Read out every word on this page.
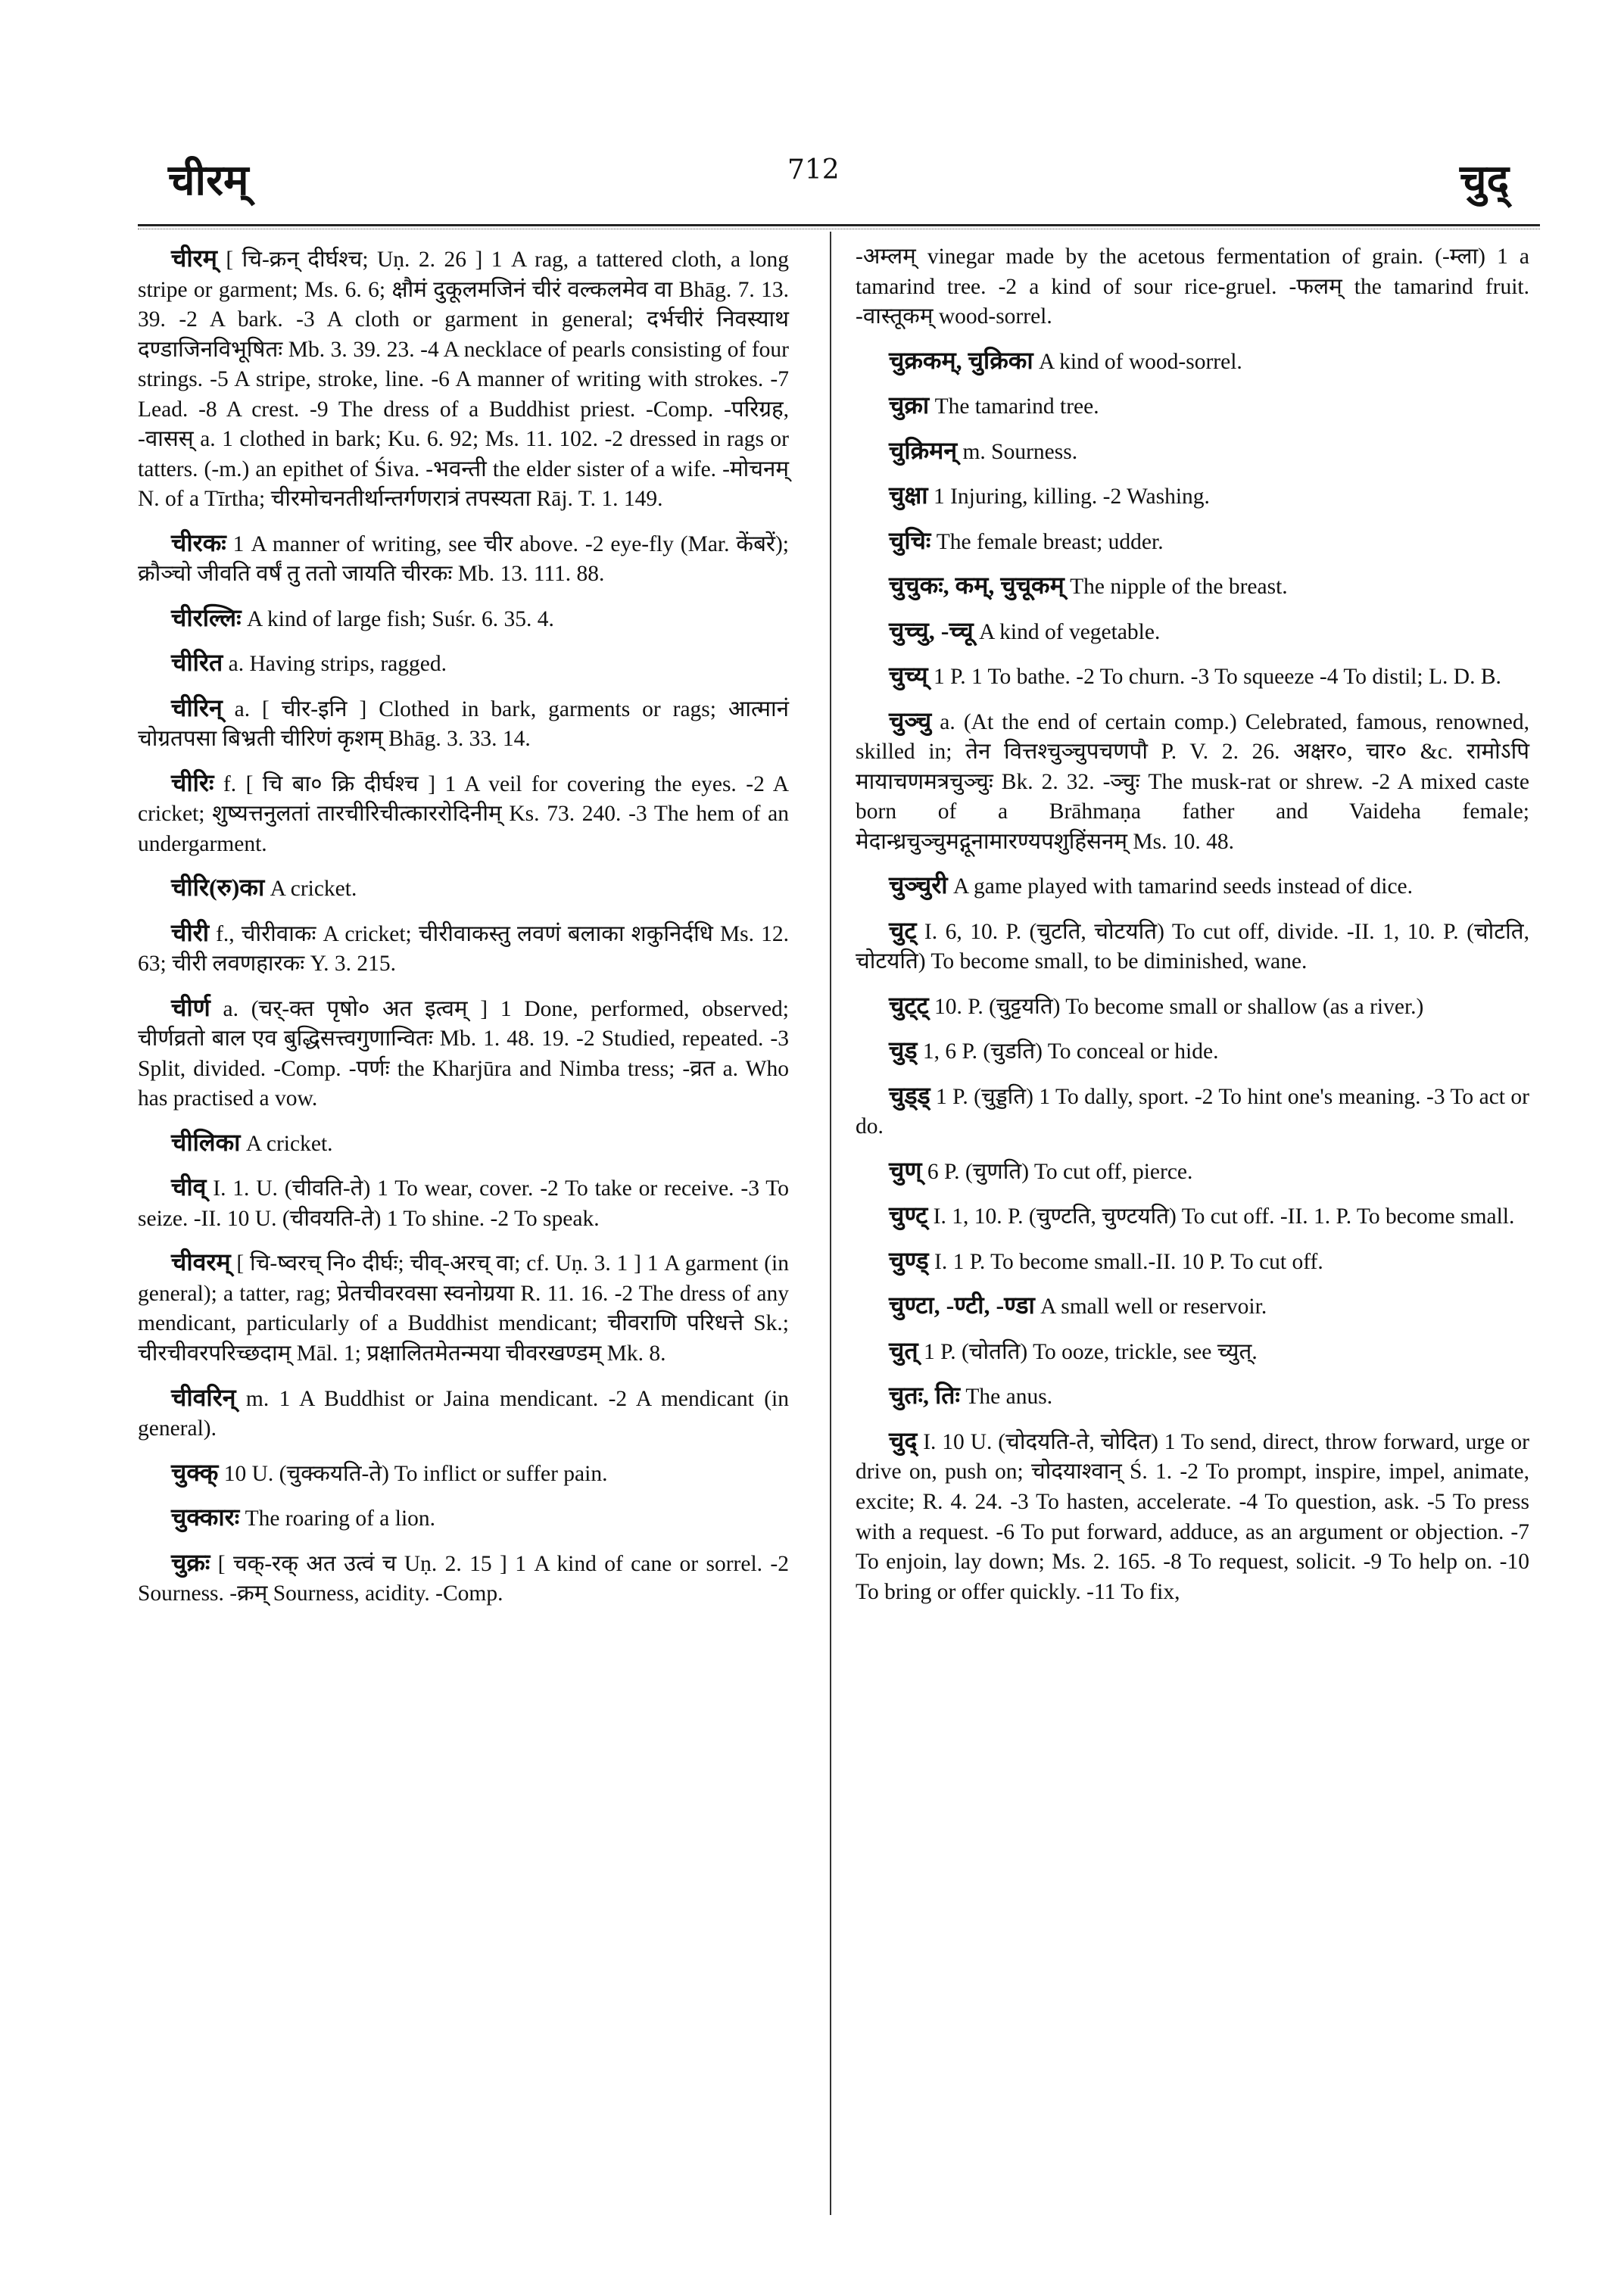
चीरम्	712	चुद्

चीरम् [ चि-क्रन् दीर्घश्च; Uṇ. 2. 26 ] 1 A rag, a tattered cloth, a long stripe or garment; Ms. 6. 6; क्षौमं दुकूलमजिनं चीरं वल्कलमेव वा Bhāg. 7. 13. 39. -2 A bark. -3 A cloth or garment in general; दर्भचीरं निवस्याथ दण्डाजिनविभूषितः Mb. 3. 39. 23. -4 A necklace of pearls consisting of four strings. -5 A stripe, stroke, line. -6 A manner of writing with strokes. -7 Lead. -8 A crest. -9 The dress of a Buddhist priest. -Comp. -परिग्रह, -वासस् a. 1 clothed in bark; Ku. 6. 92; Ms. 11. 102. -2 dressed in rags or tatters. (-m.) an epithet of Śiva. -भवन्ती the elder sister of a wife. -मोचनम् N. of a Tīrtha; चीरमोचनतीर्थान्तर्गणरात्रं तपस्यता Rāj. T. 1. 149.

चीरकः 1 A manner of writing, see चीर above. -2 eye-fly (Mar. केंबरें); क्रौञ्चो जीवति वर्षं तु ततो जायति चीरकः Mb. 13. 111. 88.

चीरल्लिः A kind of large fish; Suśr. 6. 35. 4.

चीरित a. Having strips, ragged.

चीरिन् a. [ चीर-इनि ] Clothed in bark, garments or rags; आत्मानं चोग्रतपसा बिभ्रती चीरिणं कृशम् Bhāg. 3. 33. 14.

चीरिः f. [ चि बा० क्रि दीर्घश्च ] 1 A veil for covering the eyes. -2 A cricket; शुष्यत्तनुलतां तारचीरिचीत्काररोदिनीम् Ks. 73. 240. -3 The hem of an undergarment.

चीरि(रु)का A cricket.

चीरी f., चीरीवाकः A cricket; चीरीवाकस्तु लवणं बलाका शकुनिर्दधि Ms. 12. 63; चीरी लवणहारकः Y. 3. 215.

चीर्ण a. (चर्-क्त पृषो० अत इत्वम् ] 1 Done, performed, observed; चीर्णव्रतो बाल एव बुद्धिसत्त्वगुणान्वितः Mb. 1. 48. 19. -2 Studied, repeated. -3 Split, divided. -Comp. -पर्णः the Kharjūra and Nimba tress; -व्रत a. Who has practised a vow.

चीलिका A cricket.

चीव् I. 1. U. (चीवति-ते) 1 To wear, cover. -2 To take or receive. -3 To seize. -II. 10 U. (चीवयति-ते) 1 To shine. -2 To speak.

चीवरम् [ चि-ष्वरच् नि० दीर्घः; चीव्-अरच् वा; cf. Uṇ. 3. 1 ] 1 A garment (in general); a tatter, rag; प्रेतचीवरवसा स्वनोग्रया R. 11. 16. -2 The dress of any mendicant, particularly of a Buddhist mendicant; चीवराणि परिधत्ते Sk.; चीरचीवरपरिच्छदाम् Māl. 1; प्रक्षालितमेतन्मया चीवरखण्डम् Mk. 8.

चीवरिन् m. 1 A Buddhist or Jaina mendicant. -2 A mendicant (in general).

चुक्क् 10 U. (चुक्कयति-ते) To inflict or suffer pain.

चुक्कारः The roaring of a lion.

चुक्रः [ चक्-रक् अत उत्वं च Uṇ. 2. 15 ] 1 A kind of cane or sorrel. -2 Sourness. -क्रम् Sourness, acidity. -Comp.

-अम्लम् vinegar made by the acetous fermentation of grain. (-म्ला) 1 a tamarind tree. -2 a kind of sour rice-gruel. -फलम् the tamarind fruit. -वास्तूकम् wood-sorrel.

चुक्रकम्, चुक्रिका A kind of wood-sorrel.

चुक्रा The tamarind tree.

चुक्रिमन् m. Sourness.

चुक्षा 1 Injuring, killing. -2 Washing.

चुचिः The female breast; udder.

चुचुकः, कम्, चुचूकम् The nipple of the breast.

चुच्चु, -च्चू A kind of vegetable.

चुच्य् 1 P. 1 To bathe. -2 To churn. -3 To squeeze -4 To distil; L. D. B.

चुञ्चु a. (At the end of certain comp.) Celebrated, famous, renowned, skilled in; तेन वित्तश्चुञ्चुपचणपौ P. V. 2. 26. अक्षर०, चार० &c. रामोऽपि मायाचणमत्रचुञ्चुः Bk. 2. 32. -ञ्चुः The musk-rat or shrew. -2 A mixed caste born of a Brāhmaṇa father and Vaideha female; मेदान्ध्रचुञ्चुमद्गूनामारण्यपशुहिंसनम् Ms. 10. 48.

चुञ्चुरी A game played with tamarind seeds instead of dice.

चुट् I. 6, 10. P. (चुटति, चोटयति) To cut off, divide. -II. 1, 10. P. (चोटति, चोटयति) To become small, to be diminished, wane.

चुट्ट् 10. P. (चुट्टयति) To become small or shallow (as a river.)

चुड् 1, 6 P. (चुडति) To conceal or hide.

चुड्ड् 1 P. (चुड्डति) 1 To dally, sport. -2 To hint one's meaning. -3 To act or do.

चुण् 6 P. (चुणति) To cut off, pierce.

चुण्ट् I. 1, 10. P. (चुण्टति, चुण्टयति) To cut off. -II. 1. P. To become small.

चुण्ड् I. 1 P. To become small.-II. 10 P. To cut off.

चुण्टा, -ण्टी, -ण्डा A small well or reservoir.

चुत् 1 P. (चोतति) To ooze, trickle, see च्युत्.

चुतः, तिः The anus.

चुद् I. 10 U. (चोदयति-ते, चोदित) 1 To send, direct, throw forward, urge or drive on, push on; चोदयाश्वान् Ś. 1. -2 To prompt, inspire, impel, animate, excite; R. 4. 24. -3 To hasten, accelerate. -4 To question, ask. -5 To press with a request. -6 To put forward, adduce, as an argument or objection. -7 To enjoin, lay down; Ms. 2. 165. -8 To request, solicit. -9 To help on. -10 To bring or offer quickly. -11 To fix,
